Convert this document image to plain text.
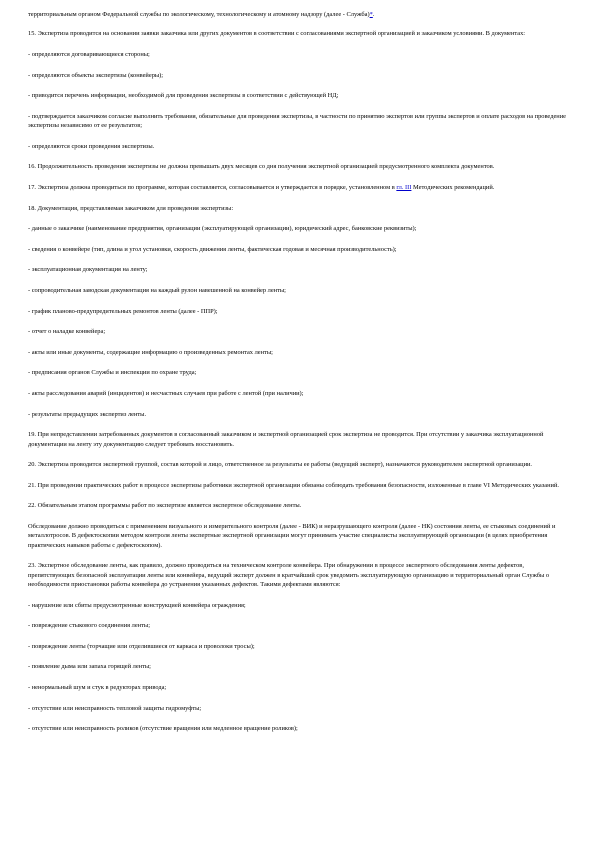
территориальным органом Федеральной службы по экологическому, технологическому и атомному надзору (далее - Служба)*.

15. Экспертиза проводится на основании заявки заказчика или других документов в соответствии с согласованиями экспертной организацией и заказчиком условиями. В документах:

- определяются договаривающиеся стороны;

- определяются объекты экспертизы (конвейеры);

- приводится перечень информации, необходимой для проведения экспертизы в соответствии с действующей НД;

- подтверждается заказчиком согласие выполнить требования, обязательные для проведения экспертизы, в частности по принятию экспертов или группы экспертов и оплате расходов на проведение экспертизы независимо от ее результатов;

- определяются сроки проведения экспертизы.

16. Продолжительность проведения экспертизы не должна превышать двух месяцев со дня получения экспертной организацией предусмотренного комплекта документов.

17. Экспертиза должна проводиться по программе, которая составляется, согласовывается и утверждается в порядке, установленном в гл. III Методических рекомендаций.

18. Документация, представляемая заказчиком для проведения экспертизы:

- данные о заказчике (наименование предприятия, организации (эксплуатирующей организации), юридический адрес, банковские реквизиты);

- сведения о конвейере (тип, длина и угол установки, скорость движения ленты, фактическая годовая и месячная производительность);

- эксплуатационная документация на ленту;

- сопроводительная заводская документация на каждый рулон навешенной на конвейер ленты;

- график планово-предупредительных ремонтов ленты (далее - ППР);

- отчет о наладке конвейера;

- акты или иные документы, содержащие информацию о произведенных ремонтах ленты;

- предписания органов Службы и инспекции по охране труда;

- акты расследования аварий (инцидентов) и несчастных случаев при работе с лентой (при наличии);

- результаты предыдущих экспертиз ленты.

19. При непредставлении затребованных документов в согласованный заказчиком и экспертной организацией срок экспертиза не проводится. При отсутствии у заказчика эксплуатационной документации на ленту эту документацию следует требовать восстановить.

20. Экспертиза проводится экспертной группой, состав которой и лицо, ответственное за результаты ее работы (ведущий эксперт), назначаются руководителем экспертной организации.

21. При проведении практических работ в процессе экспертизы работники экспертной организации обязаны соблюдать требования безопасности, изложенные в главе VI Методических указаний.

22. Обязательным этапом программы работ по экспертизе является экспертное обследование ленты.

Обследование должно проводиться с применением визуального и измерительного контроля (далее - ВИК) и неразрушающего контроля (далее - НК) состояния ленты, ее стыковых соединений и металлотросов. В дефектоскопии методом контроля ленты экспертные экспертной организации могут принимать участие специалисты эксплуатирующей организации (в целях приобретения практических навыков работы с дефектоскопом).

23. Экспертное обследование ленты, как правило, должно проводиться на техническом контроле конвейера. При обнаружении в процессе экспертного обследования ленты дефектов, препятствующих безопасной эксплуатации ленты или конвейера, ведущий эксперт должен в кратчайший срок уведомить эксплуатирующую организацию и территориальный орган Службы о необходимости приостановки работы конвейера до устранения указанных дефектов. Такими дефектами являются:

- нарушение или сбиты предусмотренные конструкцией конвейера ограждения;

- повреждение стыкового соединения ленты;

- повреждение ленты (торчащие или отделившиеся от каркаса и проволоки тросы);

- появление дыма или запаха горящей ленты;

- ненормальный шум и стук в редукторах привода;

- отсутствие или неисправность тепловой защиты гидромуфты;

- отсутствие или неисправность роликов (отсутствие вращения или медленное вращение роликов);
